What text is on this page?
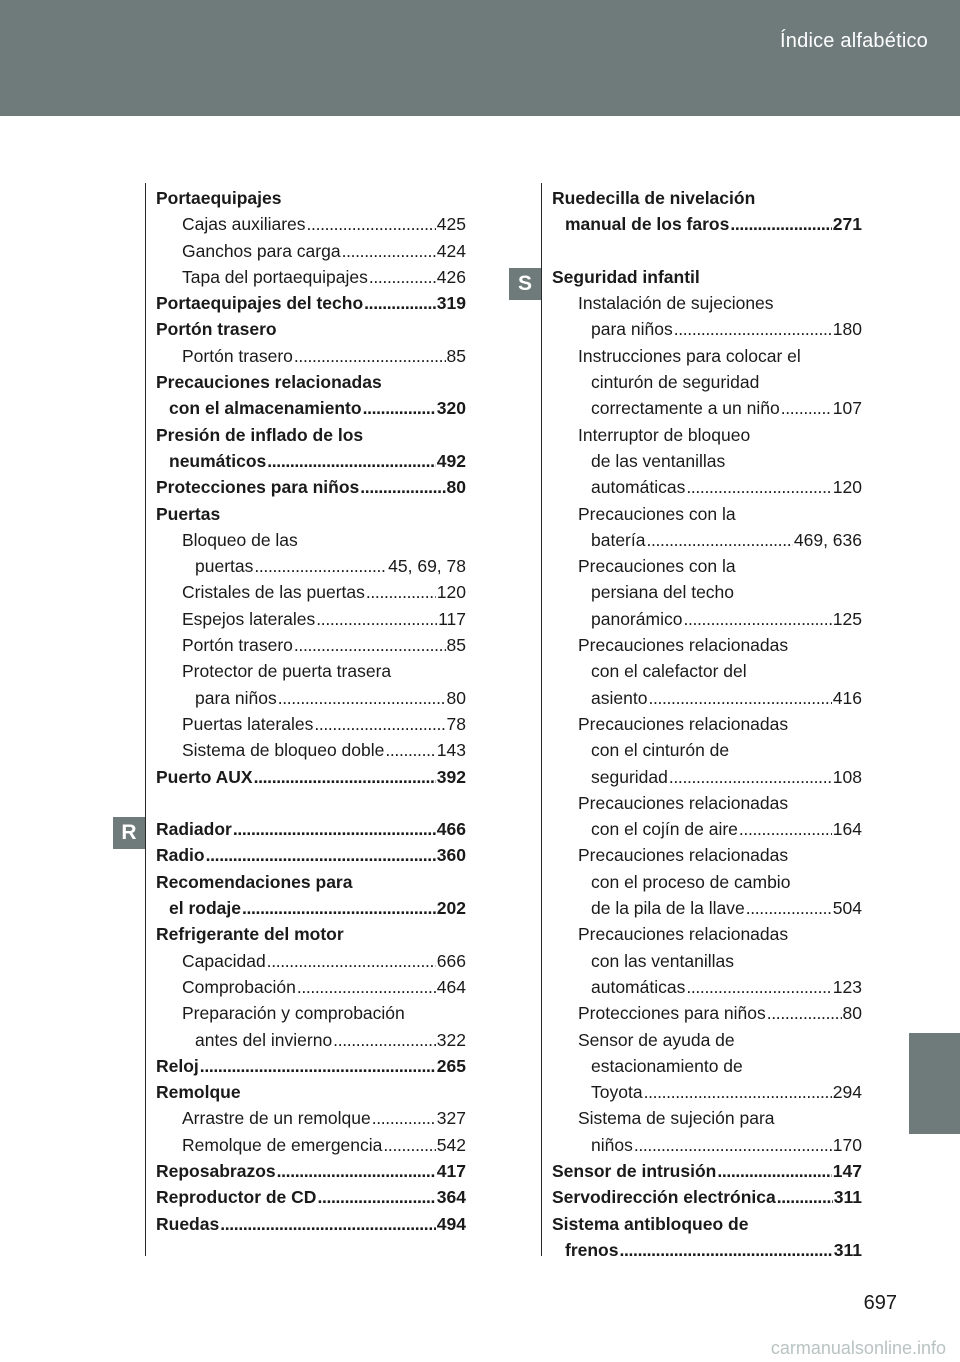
Índice alfabético
R
S
Portaequipajes
Cajas auxiliares . . .	425
Ganchos para carga . . .	424
Tapa del portaequipajes . . .	426
Portaequipajes del techo . . .	319
Portón trasero
Portón trasero . . .	85
Precauciones relacionadas
con el almacenamiento . . .	320
Presión de inflado de los
neumáticos . . .	492
Protecciones para niños . . .	80
Puertas
Bloqueo de las
puertas . . .	45, 69, 78
Cristales de las puertas . . .	120
Espejos laterales . . .	117
Portón trasero . . .	85
Protector de puerta trasera
para niños . . .	80
Puertas laterales . . .	78
Sistema de bloqueo doble . . .	143
Puerto AUX . . .	392
Radiador . . .	466
Radio . . .	360
Recomendaciones para
el rodaje . . .	202
Refrigerante del motor
Capacidad . . .	666
Comprobación . . .	464
Preparación y comprobación
antes del invierno . . .	322
Reloj . . .	265
Remolque
Arrastre de un remolque . . .	327
Remolque de emergencia . . .	542
Reposabrazos . . .	417
Reproductor de CD . . .	364
Ruedas . . .	494
Ruedecilla de nivelación
manual de los faros . . .	271
Seguridad infantil
Instalación de sujeciones
para niños . . .	180
Instrucciones para colocar el
cinturón de seguridad
correctamente a un niño . . .	107
Interruptor de bloqueo
de las ventanillas
automáticas . . .	120
Precauciones con la
batería . . .	469, 636
Precauciones con la
persiana del techo
panorámico . . .	125
Precauciones relacionadas
con el calefactor del
asiento . . .	416
Precauciones relacionadas
con el cinturón de
seguridad . . .	108
Precauciones relacionadas
con el cojín de aire . . .	164
Precauciones relacionadas
con el proceso de cambio
de la pila de la llave . . .	504
Precauciones relacionadas
con las ventanillas
automáticas . . .	123
Protecciones para niños . . .	80
Sensor de ayuda de
estacionamiento de
Toyota . . .	294
Sistema de sujeción para
niños . . .	170
Sensor de intrusión . . .	147
Servodirección electrónica . . .	311
Sistema antibloqueo de
frenos . . .	311
697
carmanualsonline.info
